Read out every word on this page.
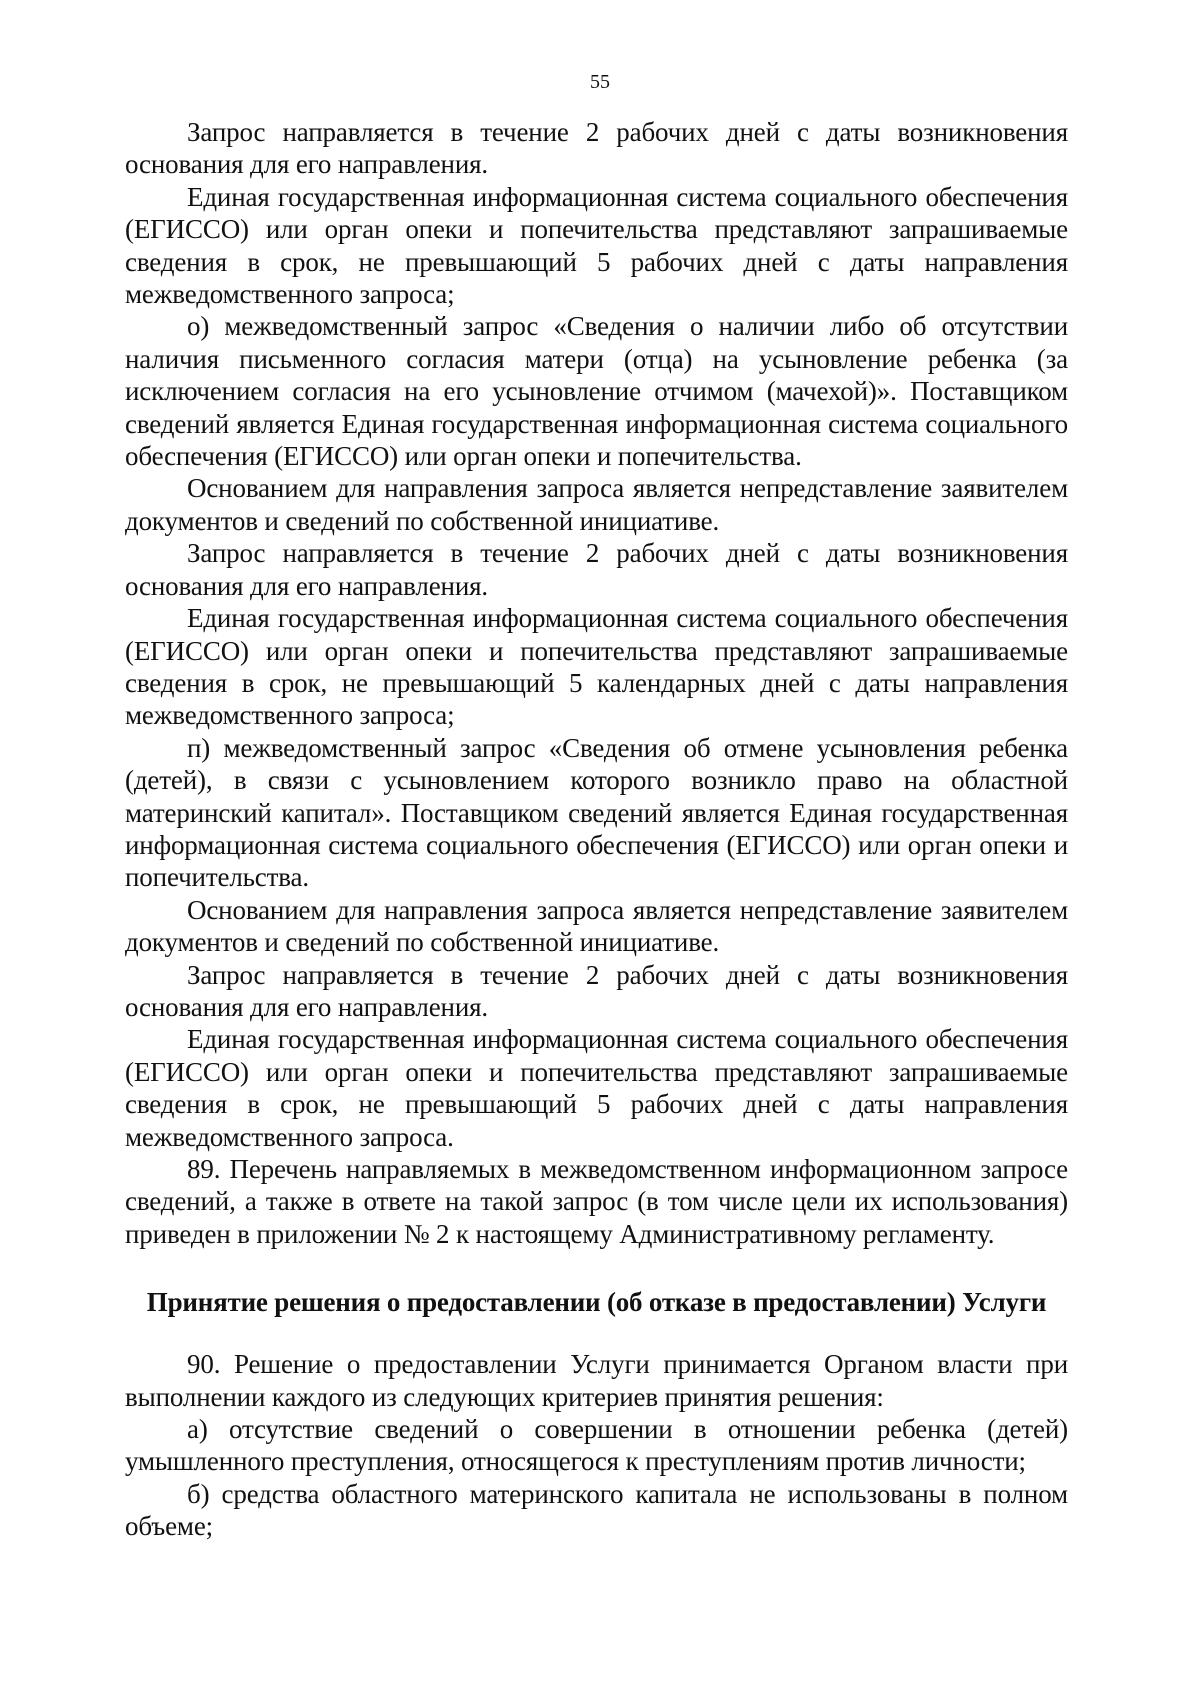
55

Запрос направляется в течение 2 рабочих дней с даты возникновения основания для его направления.

Единая государственная информационная система социального обеспечения (ЕГИССО) или орган опеки и попечительства представляют запрашиваемые сведения в срок, не превышающий 5 рабочих дней с даты направления межведомственного запроса;

о) межведомственный запрос «Сведения о наличии либо об отсутствии наличия письменного согласия матери (отца) на усыновление ребенка (за исключением согласия на его усыновление отчимом (мачехой)». Поставщиком сведений является Единая государственная информационная система социального обеспечения (ЕГИССО) или орган опеки и попечительства.

Основанием для направления запроса является непредставление заявителем документов и сведений по собственной инициативе.

Запрос направляется в течение 2 рабочих дней с даты возникновения основания для его направления.

Единая государственная информационная система социального обеспечения (ЕГИССО) или орган опеки и попечительства представляют запрашиваемые сведения в срок, не превышающий 5 календарных дней с даты направления межведомственного запроса;

п) межведомственный запрос «Сведения об отмене усыновления ребенка (детей), в связи с усыновлением которого возникло право на областной материнский капитал». Поставщиком сведений является Единая государственная информационная система социального обеспечения (ЕГИССО) или орган опеки и попечительства.

Основанием для направления запроса является непредставление заявителем документов и сведений по собственной инициативе.

Запрос направляется в течение 2 рабочих дней с даты возникновения основания для его направления.

Единая государственная информационная система социального обеспечения (ЕГИССО) или орган опеки и попечительства представляют запрашиваемые сведения в срок, не превышающий 5 рабочих дней с даты направления межведомственного запроса.

89. Перечень направляемых в межведомственном информационном запросе сведений, а также в ответе на такой запрос (в том числе цели их использования) приведен в приложении № 2 к настоящему Административному регламенту.

Принятие решения о предоставлении (об отказе в предоставлении) Услуги

90. Решение о предоставлении Услуги принимается Органом власти при выполнении каждого из следующих критериев принятия решения:

а) отсутствие сведений о совершении в отношении ребенка (детей) умышленного преступления, относящегося к преступлениям против личности;

б) средства областного материнского капитала не использованы в полном объеме;
